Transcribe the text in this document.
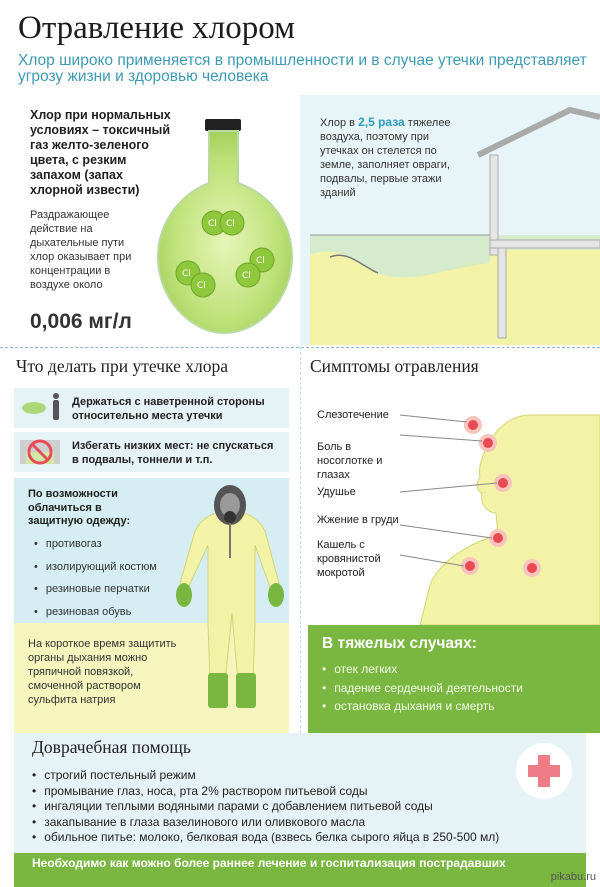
Отравление хлором
Хлор широко применяется в промышленности и в случае утечки представляет угрозу жизни и здоровью человека
Хлор при нормальных условиях – токсичный газ желто-зеленого цвета, с резким запахом (запах хлорной извести)
Раздражающее действие на дыхательные пути хлор оказывает при концентрации в воздухе около
0,006 мг/л
Cl Cl
Cl
Cl
Cl
Cl
Хлор в 2,5 раза тяжелее воздуха, поэтому при утечках он стелется по земле, заполняет овраги, подвалы, первые этажи зданий
Что делать при утечке хлора
Держаться с наветренной стороны относительно места утечки
Избегать низких мест: не спускаться в подвалы, тоннели и т.п.
По возможности облачиться в защитную одежду:
• противогаз
• изолирующий костюм
• резиновые перчатки
• резиновая обувь
На короткое время защитить органы дыхания можно тряпичной повязкой, смоченной раствором сульфита натрия
Симптомы отравления
Слезотечение
Боль в носоглотке и глазах
Удушье
Жжение в груди
Кашель с кровянистой мокротой
В тяжелых случаях:
• отек легких
• падение сердечной деятельности
• остановка дыхания и смерть
Доврачебная помощь
• строгий постельный режим
• промывание глаз, носа, рта 2% раствором питьевой соды
• ингаляции теплыми водяными парами с добавлением питьевой соды
• закапывание в глаза вазелинового или оливкового масла
• обильное питье: молоко, белковая вода (взвесь белка сырого яйца в 250-500 мл)
Необходимо как можно более раннее лечение и госпитализация пострадавших
pikabu.ru
